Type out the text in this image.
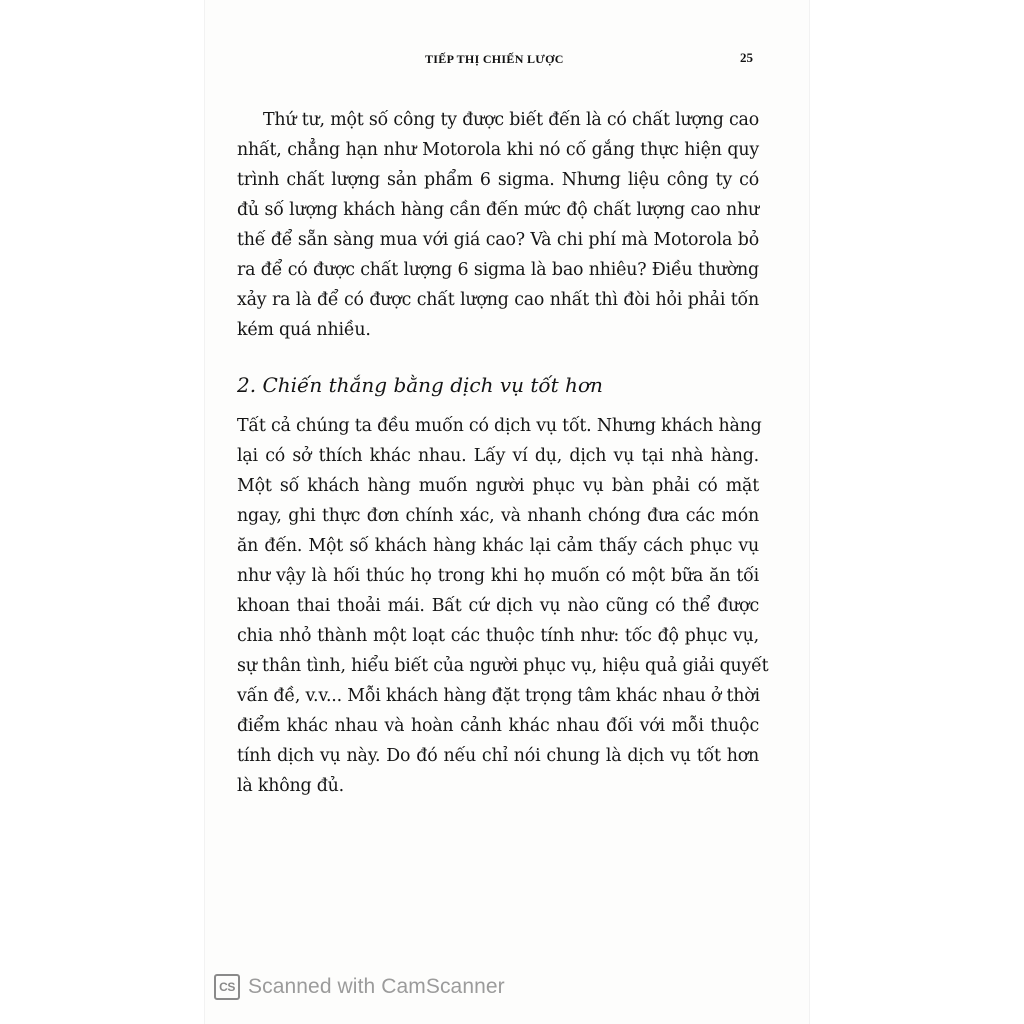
TIẾP THỊ CHIẾN LƯỢC	25
Thứ tư, một số công ty được biết đến là có chất lượng cao
nhất, chẳng hạn như Motorola khi nó cố gắng thực hiện quy
trình chất lượng sản phẩm 6 sigma. Nhưng liệu công ty có
đủ số lượng khách hàng cần đến mức độ chất lượng cao như
thế để sẵn sàng mua với giá cao? Và chi phí mà Motorola bỏ
ra để có được chất lượng 6 sigma là bao nhiêu? Điều thường
xảy ra là để có được chất lượng cao nhất thì đòi hỏi phải tốn
kém quá nhiều.
2. Chiến thắng bằng dịch vụ tốt hơn
Tất cả chúng ta đều muốn có dịch vụ tốt. Nhưng khách hàng
lại có sở thích khác nhau. Lấy ví dụ, dịch vụ tại nhà hàng.
Một số khách hàng muốn người phục vụ bàn phải có mặt
ngay, ghi thực đơn chính xác, và nhanh chóng đưa các món
ăn đến. Một số khách hàng khác lại cảm thấy cách phục vụ
như vậy là hối thúc họ trong khi họ muốn có một bữa ăn tối
khoan thai thoải mái. Bất cứ dịch vụ nào cũng có thể được
chia nhỏ thành một loạt các thuộc tính như: tốc độ phục vụ,
sự thân tình, hiểu biết của người phục vụ, hiệu quả giải quyết
vấn đề, v.v... Mỗi khách hàng đặt trọng tâm khác nhau ở thời
điểm khác nhau và hoàn cảnh khác nhau đối với mỗi thuộc
tính dịch vụ này. Do đó nếu chỉ nói chung là dịch vụ tốt hơn
là không đủ.
CS Scanned with CamScanner
